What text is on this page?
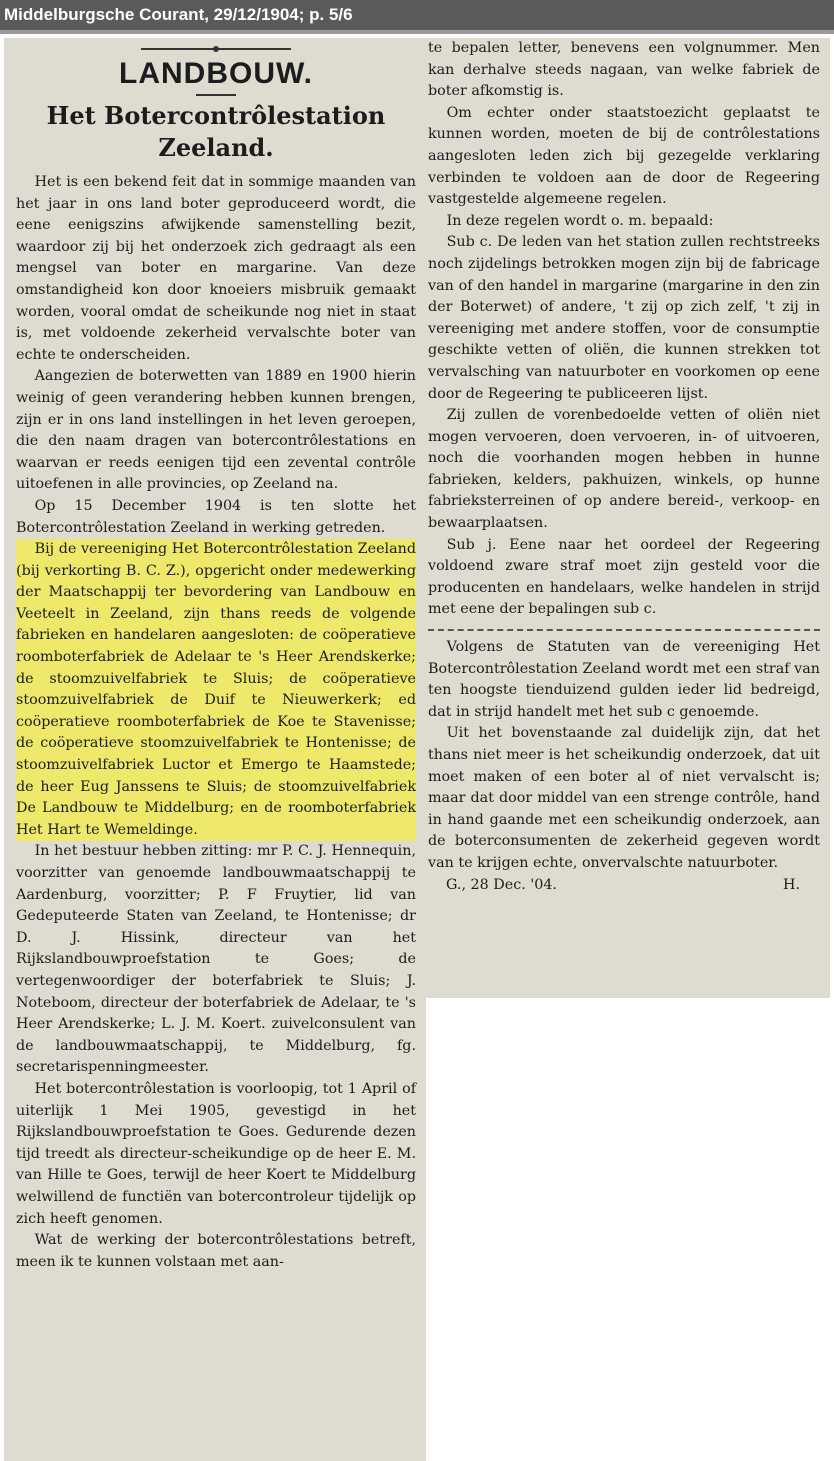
Middelburgsche Courant, 29/12/1904; p. 5/6
LANDBOUW.
Het Botercontrôlestation Zeeland.

Het is een bekend feit dat in sommige maanden van het jaar in ons land boter geproduceerd wordt, die eene eenigszins afwijkende samenstelling bezit, waardoor zij bij het onderzoek zich gedraagt als een mengsel van boter en margarine. Van deze omstandigheid kon door knoeiers misbruik gemaakt worden, vooral omdat de scheikunde nog niet in staat is, met voldoende zekerheid vervalschte boter van echte te onderscheiden.

Aangezien de boterwetten van 1889 en 1900 hierin weinig of geen verandering hebben kunnen brengen, zijn er in ons land instellingen in het leven geroepen, die den naam dragen van botercontrôlestations en waarvan er reeds eenigen tijd een zevental contrôle uitoefenen in alle provincies, op Zeeland na.

Op 15 December 1904 is ten slotte het Botercontrôlestation Zeeland in werking getreden.

Bij de vereeniging Het Botercontrôlestation Zeeland (bij verkorting B. C. Z.), opgericht onder medewerking der Maatschappij ter bevordering van Landbouw en Veeteelt in Zeeland, zijn thans reeds de volgende fabrieken en handelaren aangesloten: de coöperatieve roomboterfabriek de Adelaar te 's Heer Arendskerke; de stoomzuivelfabriek te Sluis; de coöperatieve stoomzuivelfabriek de Duif te Nieuwerkerk; ed coöperatieve roomboterfabriek de Koe te Stavenisse; de coöperatieve stoomzuivelfabriek te Hontenisse; de stoomzuivelfabriek Luctor et Emergo te Haamstede; de heer Eug Janssens te Sluis; de stoomzuivelfabriek De Landbouw te Middelburg; en de roomboterfabriek Het Hart te Wemeldinge.

In het bestuur hebben zitting: mr P. C. J. Hennequin, voorzitter van genoemde landbouwmaatschappij te Aardenburg, voorzitter; P. F Fruytier, lid van Gedeputeerde Staten van Zeeland, te Hontenisse; dr D. J. Hissink, directeur van het Rijkslandbouwproefstation te Goes; de vertegenwoordiger der boterfabriek te Sluis; J. Noteboom, directeur der boterfabriek de Adelaar, te 's Heer Arendskerke; L. J. M. Koert. zuivelconsulent van de landbouwmaatschappij, te Middelburg, fg. secretarispenningmeester.

Het botercontrôlestation is voorloopig, tot 1 April of uiterlijk 1 Mei 1905, gevestigd in het Rijkslandbouwproefstation te Goes. Gedurende dezen tijd treedt als directeur-scheikundige op de heer E. M. van Hille te Goes, terwijl de heer Koert te Middelburg welwillend de functiën van botercontroleur tijdelijk op zich heeft genomen.

Wat de werking der botercontrôlestations betreft, meen ik te kunnen volstaan met aan-

te bepalen letter, benevens een volgnummer. Men kan derhalve steeds nagaan, van welke fabriek de boter afkomstig is.

Om echter onder staatstoezicht geplaatst te kunnen worden, moeten de bij de contrôlestations aangesloten leden zich bij gezegelde verklaring verbinden te voldoen aan de door de Regeering vastgestelde algemeene regelen.

In deze regelen wordt o. m. bepaald:

Sub c. De leden van het station zullen rechtstreeks noch zijdelings betrokken mogen zijn bij de fabricage van of den handel in margarine (margarine in den zin der Boterwet) of andere, 't zij op zich zelf, 't zij in vereeniging met andere stoffen, voor de consumptie geschikte vetten of oliën, die kunnen strekken tot vervalsching van natuurboter en voorkomen op eene door de Regeering te publiceeren lijst.

Zij zullen de vorenbedoelde vetten of oliën niet mogen vervoeren, doen vervoeren, in- of uitvoeren, noch die voorhanden mogen hebben in hunne fabrieken, kelders, pakhuizen, winkels, op hunne fabrieksterreinen of op andere bereid-, verkoop- en bewaarplaatsen.

Sub j. Eene naar het oordeel der Regeering voldoend zware straf moet zijn gesteld voor die producenten en handelaars, welke handelen in strijd met eene der bepalingen sub c.

Volgens de Statuten van de vereeniging Het Botercontrôlestation Zeeland wordt met een straf van ten hoogste tienduizend gulden ieder lid bedreigd, dat in strijd handelt met het sub c genoemde.

Uit het bovenstaande zal duidelijk zijn, dat het thans niet meer is het scheikundig onderzoek, dat uit moet maken of een boter al of niet vervalscht is; maar dat door middel van een strenge contrôle, hand in hand gaande met een scheikundig onderzoek, aan de boterconsumenten de zekerheid gegeven wordt van te krijgen echte, onvervalschte natuurboter.

G., 28 Dec. '04.	H.
